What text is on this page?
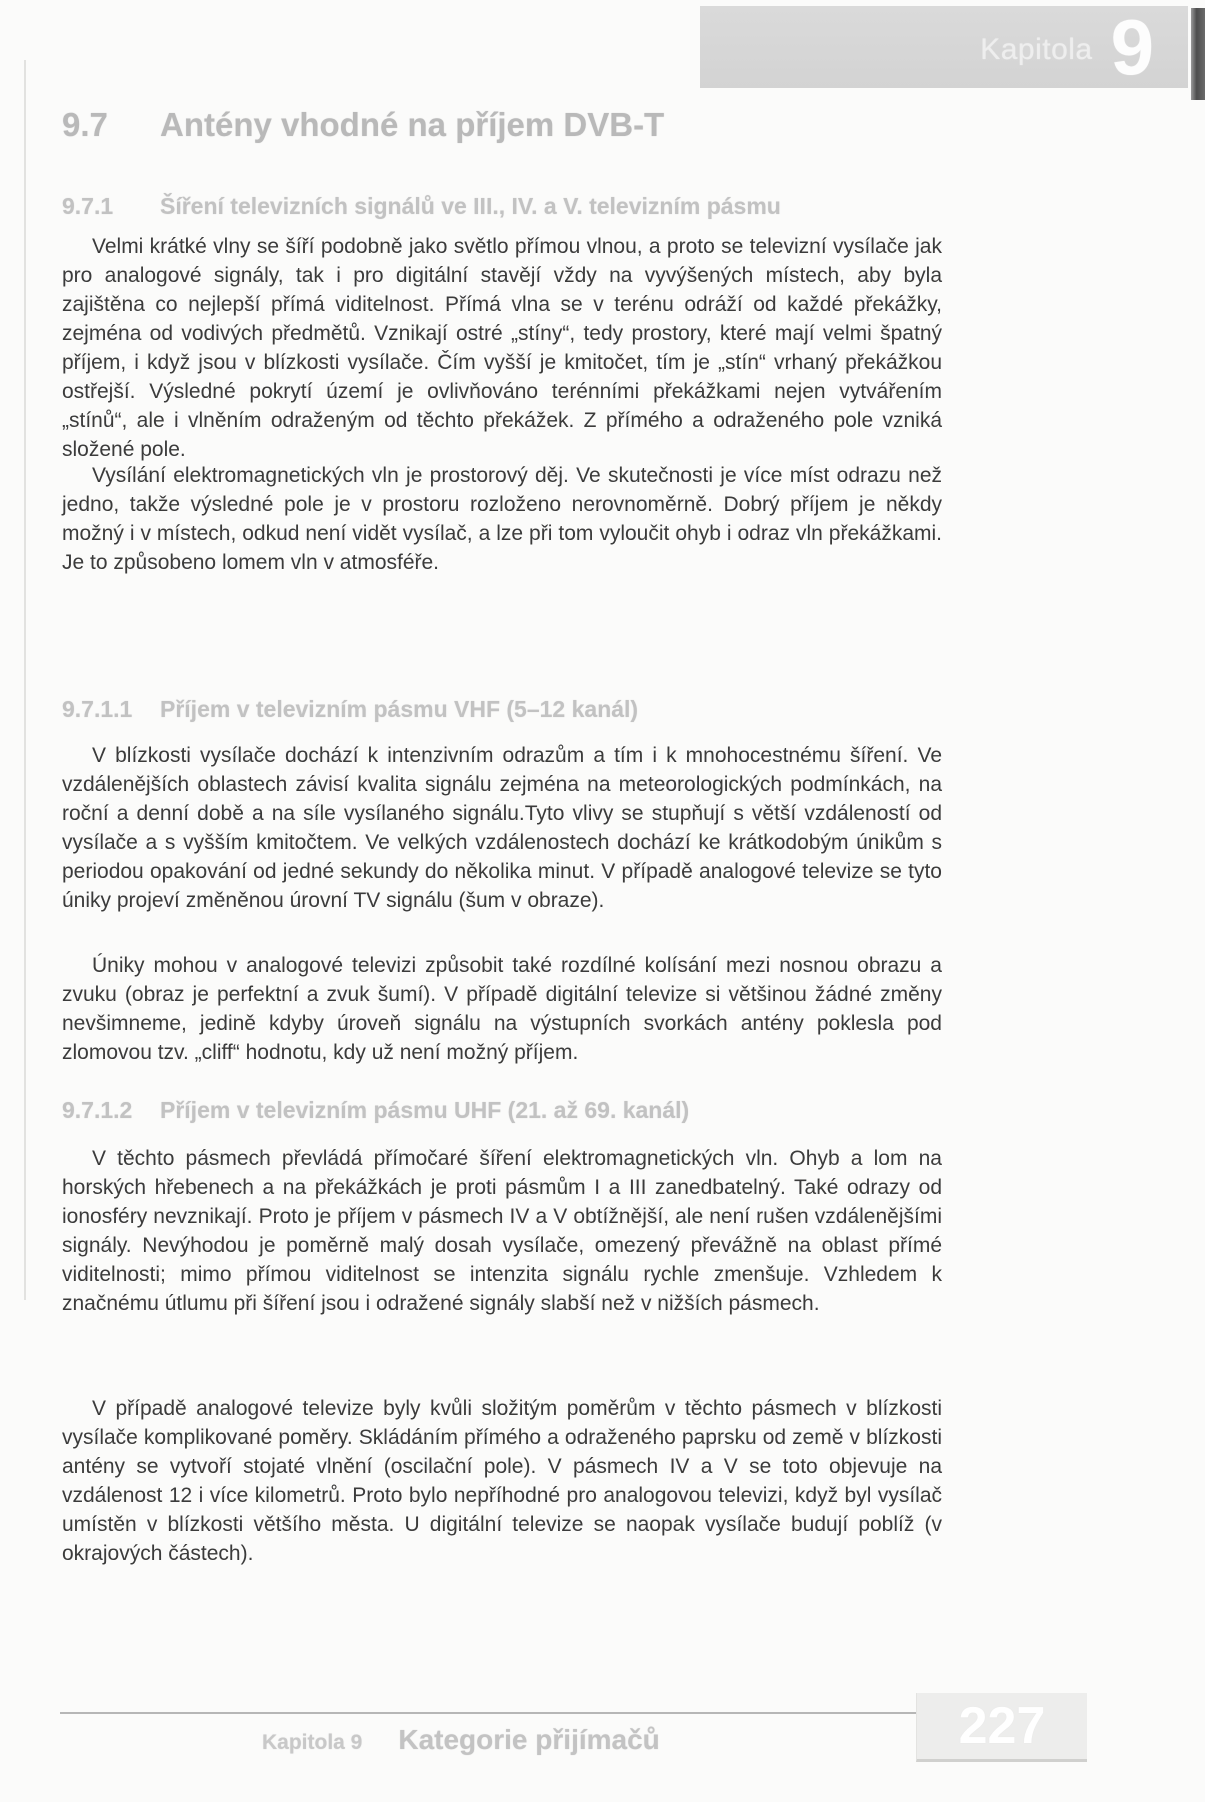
Kapitola 9
9.7	Antény vhodné na příjem DVB-T
9.7.1	Šíření televizních signálů ve III., IV. a V. televizním pásmu

Velmi krátké vlny se šíří podobně jako světlo přímou vlnou, a proto se televizní vysílače jak pro analogové signály, tak i pro digitální stavějí vždy na vyvýšených místech, aby byla zajištěna co nejlepší přímá viditelnost. Přímá vlna se v terénu odráží od každé překážky, zejména od vodivých předmětů. Vznikají ostré „stíny“, tedy prostory, které mají velmi špatný příjem, i když jsou v blízkosti vysílače. Čím vyšší je kmitočet, tím je „stín“ vrhaný překážkou ostřejší. Výsledné pokrytí území je ovlivňováno terénními překážkami nejen vytvářením „stínů“, ale i vlněním odraženým od těchto překážek. Z přímého a odraženého pole vzniká složené pole.

Vysílání elektromagnetických vln je prostorový děj. Ve skutečnosti je více míst odrazu než jedno, takže výsledné pole je v prostoru rozloženo nerovnoměrně. Dobrý příjem je někdy možný i v místech, odkud není vidět vysílač, a lze při tom vyloučit ohyb i odraz vln překážkami. Je to způsobeno lomem vln v atmosféře.

9.7.1.1	Příjem v televizním pásmu VHF (5–12 kanál)

V blízkosti vysílače dochází k intenzivním odrazům a tím i k mnohocestnému šíření. Ve vzdálenějších oblastech závisí kvalita signálu zejména na meteorologických podmínkách, na roční a denní době a na síle vysílaného signálu.Tyto vlivy se stupňují s větší vzdáleností od vysílače a s vyšším kmitočtem. Ve velkých vzdálenostech dochází ke krátkodobým únikům s periodou opakování od jedné sekundy do několika minut. V případě analogové televize se tyto úniky projeví změněnou úrovní TV signálu (šum v obraze).

Úniky mohou v analogové televizi způsobit také rozdílné kolísání mezi nosnou obrazu a zvuku (obraz je perfektní a zvuk šumí). V případě digitální televize si většinou žádné změny nevšimneme, jedině kdyby úroveň signálu na výstupních svorkách antény poklesla pod zlomovou tzv. „cliff“ hodnotu, kdy už není možný příjem.

9.7.1.2	Příjem v televizním pásmu UHF (21. až 69. kanál)

V těchto pásmech převládá přímočaré šíření elektromagnetických vln. Ohyb a lom na horských hřebenech a na překážkách je proti pásmům I a III zanedbatelný. Také odrazy od ionosféry nevznikají. Proto je příjem v pásmech IV a V obtížnější, ale není rušen vzdálenějšími signály. Nevýhodou je poměrně malý dosah vysílače, omezený převážně na oblast přímé viditelnosti; mimo přímou viditelnost se intenzita signálu rychle zmenšuje. Vzhledem k značnému útlumu při šíření jsou i odražené signály slabší než v nižších pásmech.

V případě analogové televize byly kvůli složitým poměrům v těchto pásmech v blízkosti vysílače komplikované poměry. Skládáním přímého a odraženého paprsku od země v blízkosti antény se vytvoří stojaté vlnění (oscilační pole). V pásmech IV a V se toto objevuje na vzdálenost 12 i více kilometrů. Proto bylo nepříhodné pro analogovou televizi, když byl vysílač umístěn v blízkosti většího města. U digitální televize se naopak vysílače budují poblíž (v okrajových částech).

Kapitola 9 Kategorie přijímačů	227
